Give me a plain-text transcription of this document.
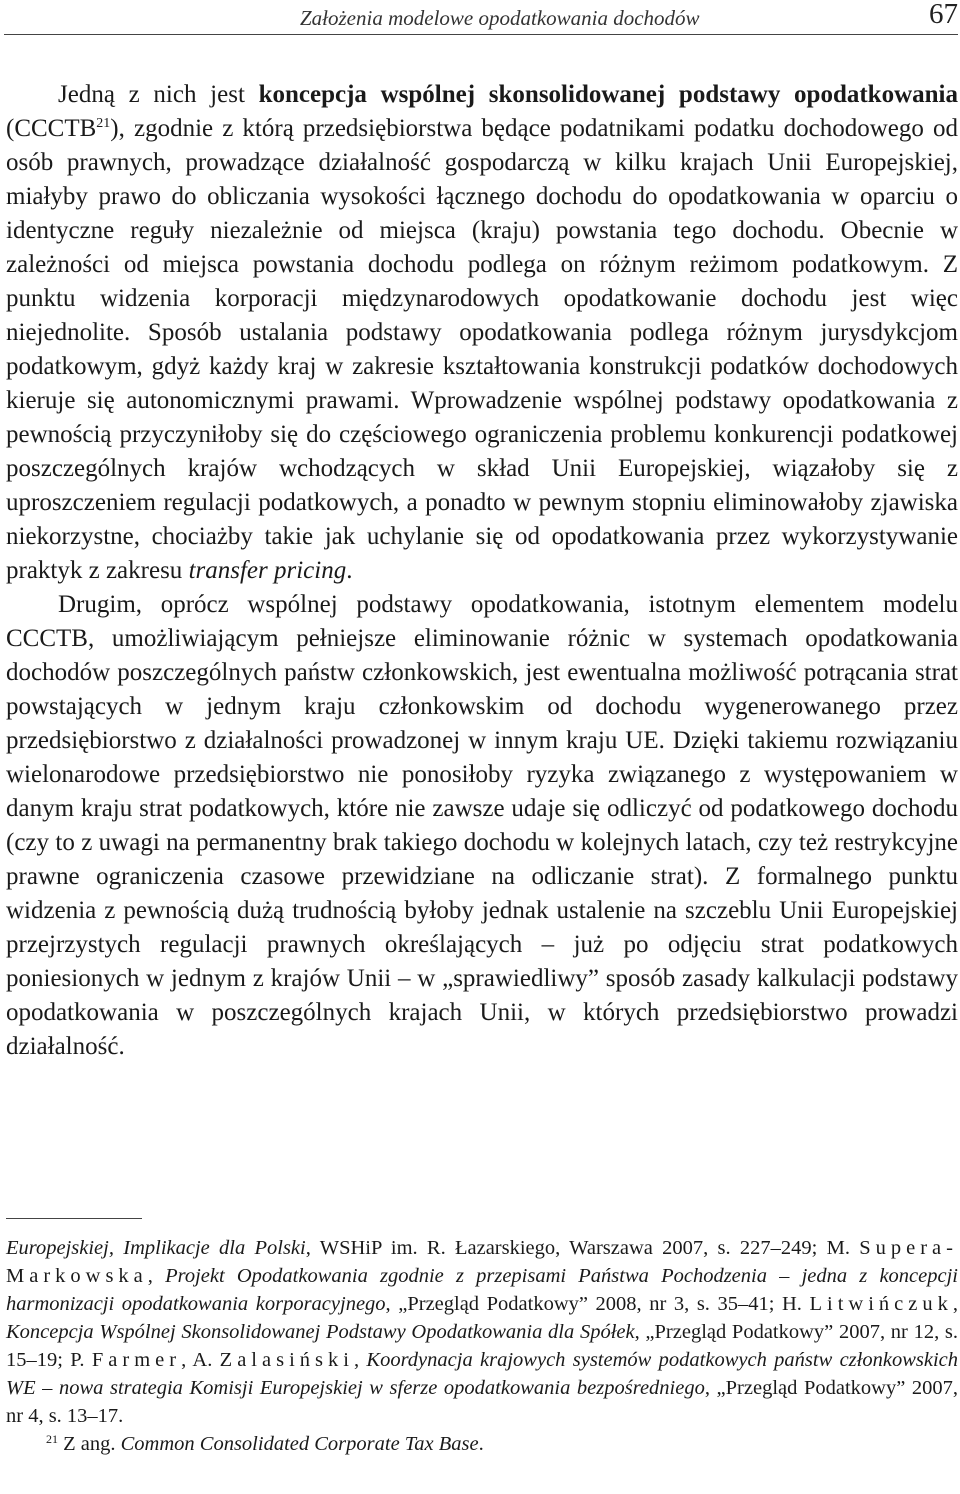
Założenia modelowe opodatkowania dochodów	67

Jedną z nich jest koncepcja wspólnej skonsolidowanej podstawy opodatkowania (CCCTB$^{21}$), zgodnie z którą przedsiębiorstwa będące podatnikami podatku dochodowego od osób prawnych, prowadzące działalność gospodarczą w kilku krajach Unii Europejskiej, miałyby prawo do obliczania wysokości łącznego dochodu do opodatkowania w oparciu o identyczne reguły niezależnie od miejsca (kraju) powstania tego dochodu. Obecnie w zależności od miejsca powstania dochodu podlega on różnym reżimom podatkowym. Z punktu widzenia korporacji międzynarodowych opodatkowanie dochodu jest więc niejednolite. Sposób ustalania podstawy opodatkowania podlega różnym jurysdykcjom podatkowym, gdyż każdy kraj w zakresie kształtowania konstrukcji podatków dochodowych kieruje się autonomicznymi prawami. Wprowadzenie wspólnej podstawy opodatkowania z pewnością przyczyniłoby się do częściowego ograniczenia problemu konkurencji podatkowej poszczególnych krajów wchodzących w skład Unii Europejskiej, wiązałoby się z uproszczeniem regulacji podatkowych, a ponadto w pewnym stopniu eliminowałoby zjawiska niekorzystne, chociażby takie jak uchylanie się od opodatkowania przez wykorzystywanie praktyk z zakresu transfer pricing.

Drugim, oprócz wspólnej podstawy opodatkowania, istotnym elementem modelu CCCTB, umożliwiającym pełniejsze eliminowanie różnic w systemach opodatkowania dochodów poszczególnych państw członkowskich, jest ewentualna możliwość potrącania strat powstających w jednym kraju członkowskim od dochodu wygenerowanego przez przedsiębiorstwo z działalności prowadzonej w innym kraju UE. Dzięki takiemu rozwiązaniu wielonarodowe przedsiębiorstwo nie ponosiłoby ryzyka związanego z występowaniem w danym kraju strat podatkowych, które nie zawsze udaje się odliczyć od podatkowego dochodu (czy to z uwagi na permanentny brak takiego dochodu w kolejnych latach, czy też restrykcyjne prawne ograniczenia czasowe przewidziane na odliczanie strat). Z formalnego punktu widzenia z pewnością dużą trudnością byłoby jednak ustalenie na szczeblu Unii Europejskiej przejrzystych regulacji prawnych określających – już po odjęciu strat podatkowych poniesionych w jednym z krajów Unii – w „sprawiedliwy” sposób zasady kalkulacji podstawy opodatkowania w poszczególnych krajach Unii, w których przedsiębiorstwo prowadzi działalność.

Europejskiej, Implikacje dla Polski, WSHiP im. R. Łazarskiego, Warszawa 2007, s. 227–249; M. Supera-Markowska, Projekt Opodatkowania zgodnie z przepisami Państwa Pochodzenia – jedna z koncepcji harmonizacji opodatkowania korporacyjnego, „Przegląd Podatkowy” 2008, nr 3, s. 35–41; H. Litwińczuk, Koncepcja Wspólnej Skonsolidowanej Podstawy Opodatkowania dla Spółek, „Przegląd Podatkowy” 2007, nr 12, s. 15–19; P. Farmer, A. Zalasiński, Koordynacja krajowych systemów podatkowych państw członkowskich WE – nowa strategia Komisji Europejskiej w sferze opodatkowania bezpośredniego, „Przegląd Podatkowy” 2007, nr 4, s. 13–17.

$^{21}$ Z ang. Common Consolidated Corporate Tax Base.
